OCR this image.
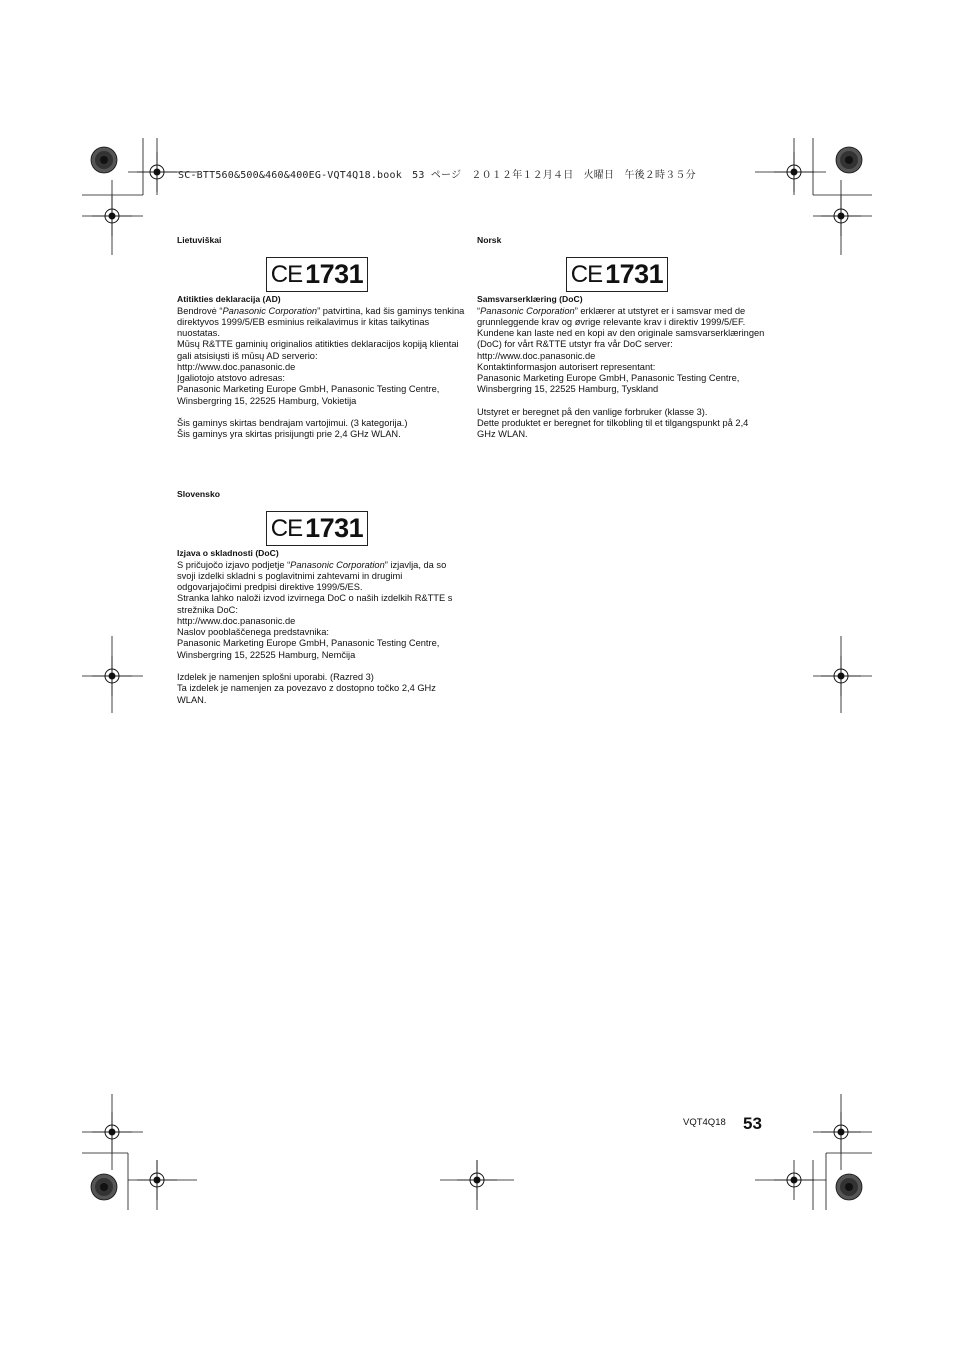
SC-BTT560&500&460&400EG-VQT4Q18.book　53 ページ　２０１２年１２月４日　火曜日　午後２時３５分

Lietuviškai

CE 1731

Atitikties deklaracija (AD)

Bendrovė “Panasonic Corporation” patvirtina, kad šis gaminys tenkina direktyvos 1999/5/EB esminius reikalavimus ir kitas taikytinas nuostatas.

Mūsų R&TTE gaminių originalios atitikties deklaracijos kopiją klientai gali atsisiųsti iš mūsų AD serverio:

http://www.doc.panasonic.de

Įgaliotojo atstovo adresas:

Panasonic Marketing Europe GmbH, Panasonic Testing Centre,

Winsbergring 15, 22525 Hamburg, Vokietija

Šis gaminys skirtas bendrajam vartojimui. (3 kategorija.)

Šis gaminys yra skirtas prisijungti prie 2,4 GHz WLAN.

Norsk

CE 1731

Samsvarserklæring (DoC)

“Panasonic Corporation” erklærer at utstyret er i samsvar med de grunnleggende krav og øvrige relevante krav i direktiv 1999/5/EF.

Kundene kan laste ned en kopi av den originale samsvarserklæringen (DoC) for vårt R&TTE utstyr fra vår DoC server:

http://www.doc.panasonic.de

Kontaktinformasjon autorisert representant:

Panasonic Marketing Europe GmbH, Panasonic Testing Centre,

Winsbergring 15, 22525 Hamburg, Tyskland

Utstyret er beregnet på den vanlige forbruker (klasse 3).

Dette produktet er beregnet for tilkobling til et tilgangspunkt på 2,4 GHz WLAN.

Slovensko

CE 1731

Izjava o skladnosti (DoC)

S pričujočo izjavo podjetje “Panasonic Corporation” izjavlja, da so svoji izdelki skladni s poglavitnimi zahtevami in drugimi odgovarjajočimi predpisi direktive 1999/5/ES.

Stranka lahko naloži izvod izvirnega DoC o naših izdelkih R&TTE s strežnika DoC:

http://www.doc.panasonic.de

Naslov pooblaščenega predstavnika:

Panasonic Marketing Europe GmbH, Panasonic Testing Centre,

Winsbergring 15, 22525 Hamburg, Nemčija

Izdelek je namenjen splošni uporabi. (Razred 3)

Ta izdelek je namenjen za povezavo z dostopno točko 2,4 GHz WLAN.

VQT4Q18 53
